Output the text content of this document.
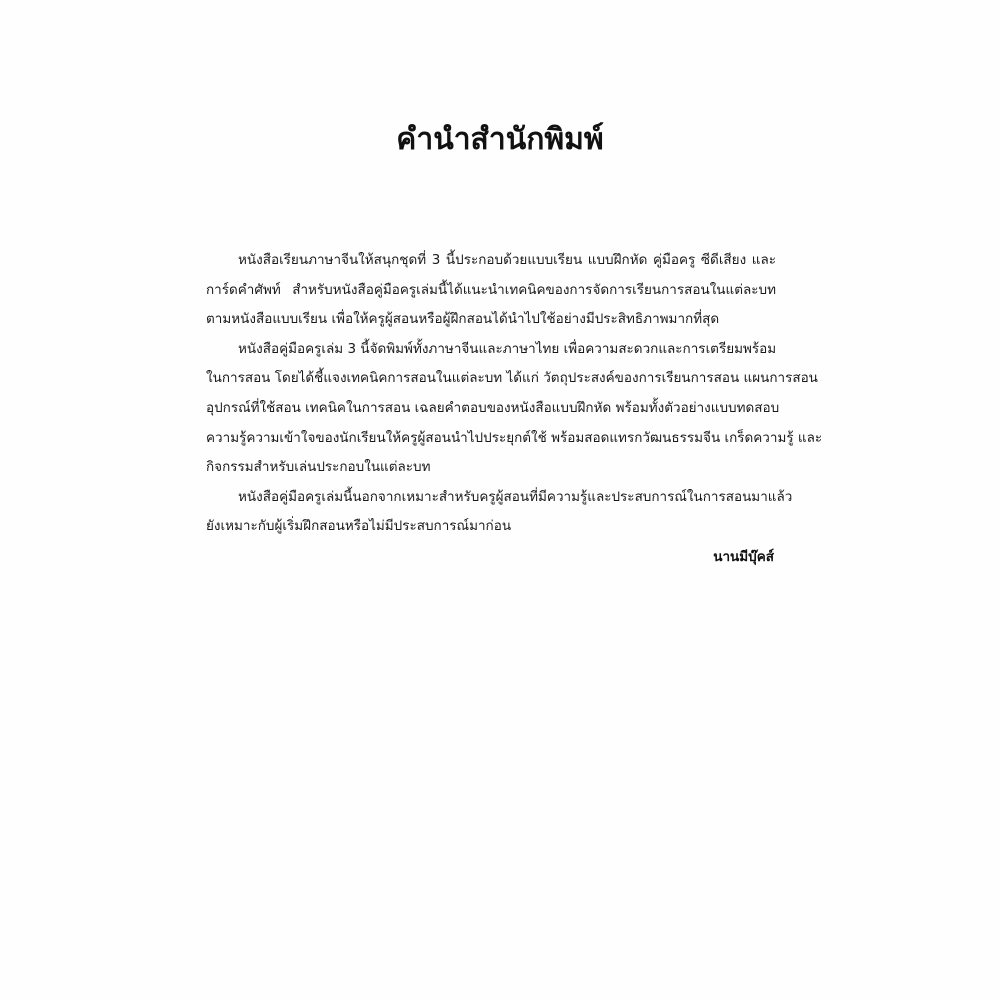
คำนำสำนักพิมพ์
หนังสือเรียนภาษาจีนให้สนุกชุดที่ 3 นี้ประกอบด้วยแบบเรียน แบบฝึกหัด คู่มือครู ซีดีเสียง และ
การ์ดคำศัพท์ สำหรับหนังสือคู่มือครูเล่มนี้ได้แนะนำเทคนิคของการจัดการเรียนการสอนในแต่ละบท
ตามหนังสือแบบเรียน เพื่อให้ครูผู้สอนหรือผู้ฝึกสอนได้นำไปใช้อย่างมีประสิทธิภาพมากที่สุด
หนังสือคู่มือครูเล่ม 3 นี้จัดพิมพ์ทั้งภาษาจีนและภาษาไทย เพื่อความสะดวกและการเตรียมพร้อม
ในการสอน โดยได้ชี้แจงเทคนิคการสอนในแต่ละบท ได้แก่ วัตถุประสงค์ของการเรียนการสอน แผนการสอน
อุปกรณ์ที่ใช้สอน เทคนิคในการสอน เฉลยคำตอบของหนังสือแบบฝึกหัด พร้อมทั้งตัวอย่างแบบทดสอบ
ความรู้ความเข้าใจของนักเรียนให้ครูผู้สอนนำไปประยุกต์ใช้ พร้อมสอดแทรกวัฒนธรรมจีน เกร็ดความรู้ และ
กิจกรรมสำหรับเล่นประกอบในแต่ละบท
หนังสือคู่มือครูเล่มนี้นอกจากเหมาะสำหรับครูผู้สอนที่มีความรู้และประสบการณ์ในการสอนมาแล้ว
ยังเหมาะกับผู้เริ่มฝึกสอนหรือไม่มีประสบการณ์มาก่อน
นานมีบุ๊คส์
